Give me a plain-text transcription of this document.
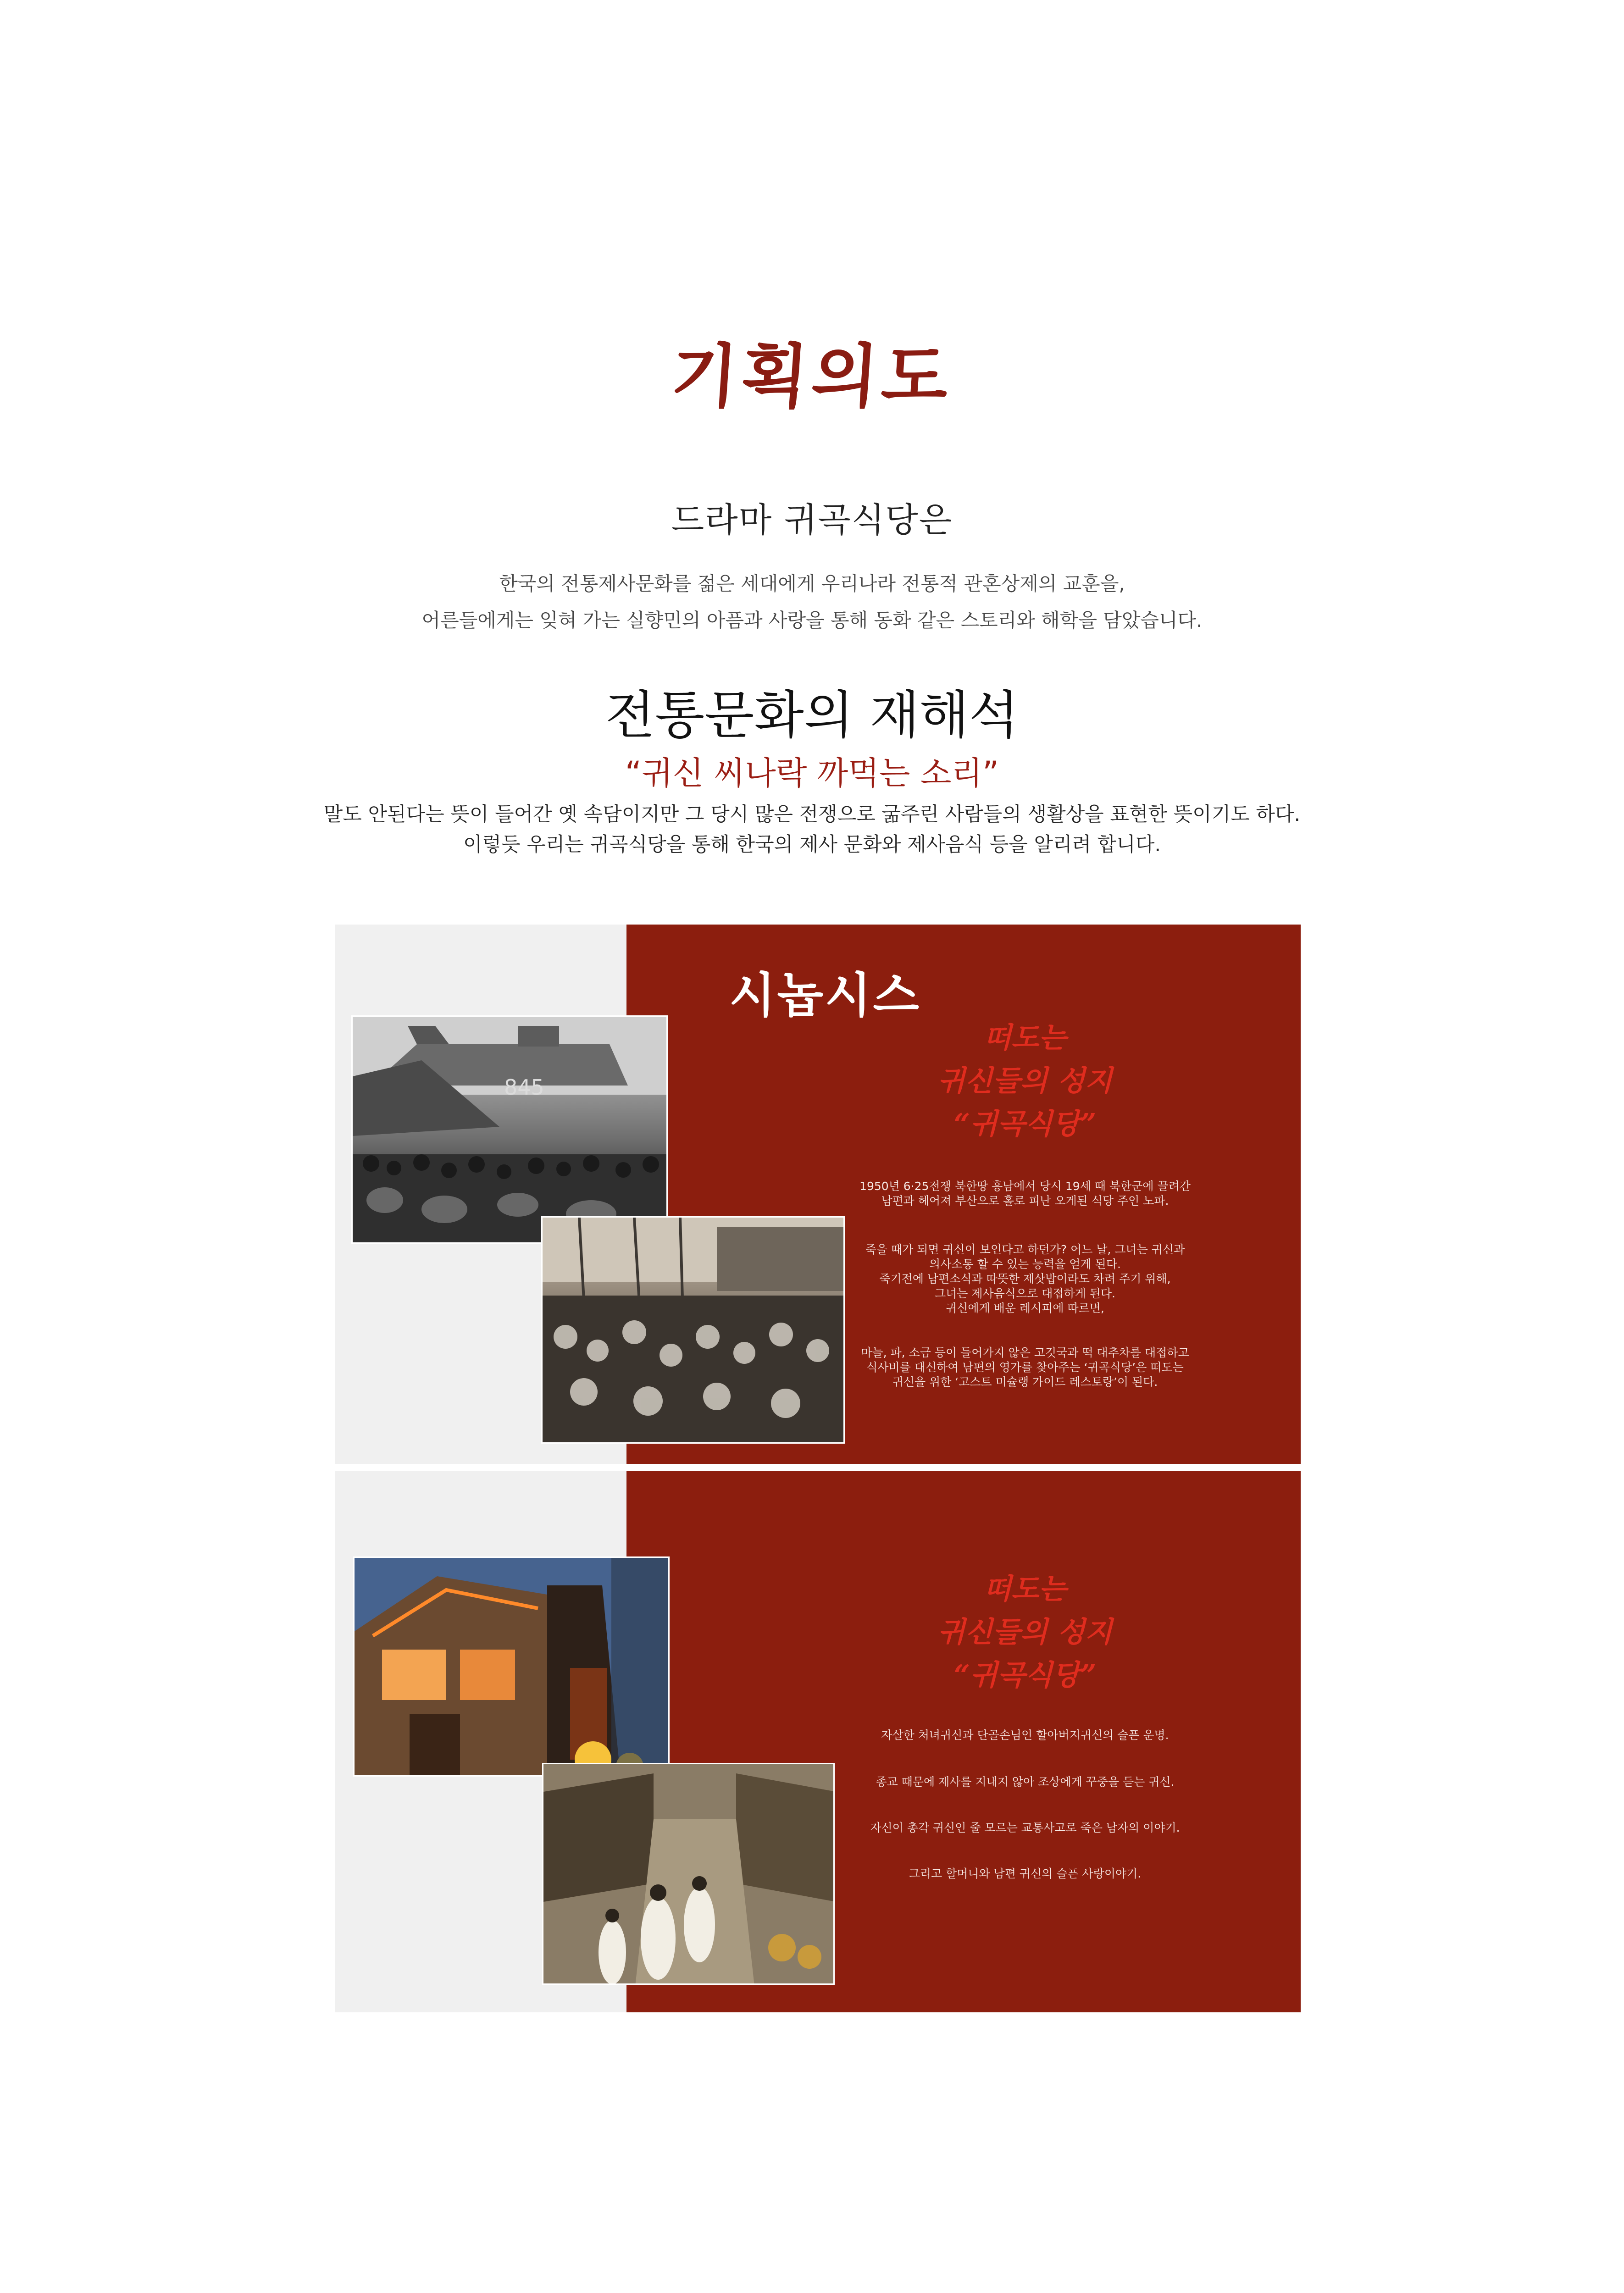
기획의도
드라마 귀곡식당은
한국의 전통제사문화를 젊은 세대에게 우리나라 전통적 관혼상제의 교훈을,
어른들에게는 잊혀 가는 실향민의 아픔과 사랑을 통해 동화 같은 스토리와 해학을 담았습니다.
전통문화의 재해석
“귀신 씨나락 까먹는 소리”
말도 안된다는 뜻이 들어간 옛 속담이지만 그 당시 많은 전쟁으로 굶주린 사람들의 생활상을 표현한 뜻이기도 하다.
이렇듯 우리는 귀곡식당을 통해 한국의 제사 문화와 제사음식 등을 알리려 합니다.
시놉시스
845
떠도는
귀신들의 성지
“귀곡식당”

1950년 6·25전쟁 북한땅 흥남에서 당시 19세 때 북한군에 끌려간

남편과 헤어져 부산으로 홀로 피난 오게된 식당 주인 노파.

죽을 때가 되면 귀신이 보인다고 하던가? 어느 날, 그녀는 귀신과

의사소통 할 수 있는 능력을 얻게 된다.

죽기전에 남편소식과 따뜻한 제삿밥이라도 차려 주기 위해,

그녀는 제사음식으로 대접하게 된다.

귀신에게 배운 레시피에 따르면,

마늘, 파, 소금 등이 들어가지 않은 고깃국과 떡 대추차를 대접하고

식사비를 대신하여 남편의 영가를 찾아주는 ‘귀곡식당’은 떠도는

귀신을 위한 ‘고스트 미슐랭 가이드 레스토랑’이 된다.

떠도는
귀신들의 성지
“귀곡식당”

자살한 처녀귀신과 단골손님인 할아버지귀신의 슬픈 운명.

종교 때문에 제사를 지내지 않아 조상에게 꾸중을 듣는 귀신.

자신이 총각 귀신인 줄 모르는 교통사고로 죽은 남자의 이야기.

그리고 할머니와 남편 귀신의 슬픈 사랑이야기.
